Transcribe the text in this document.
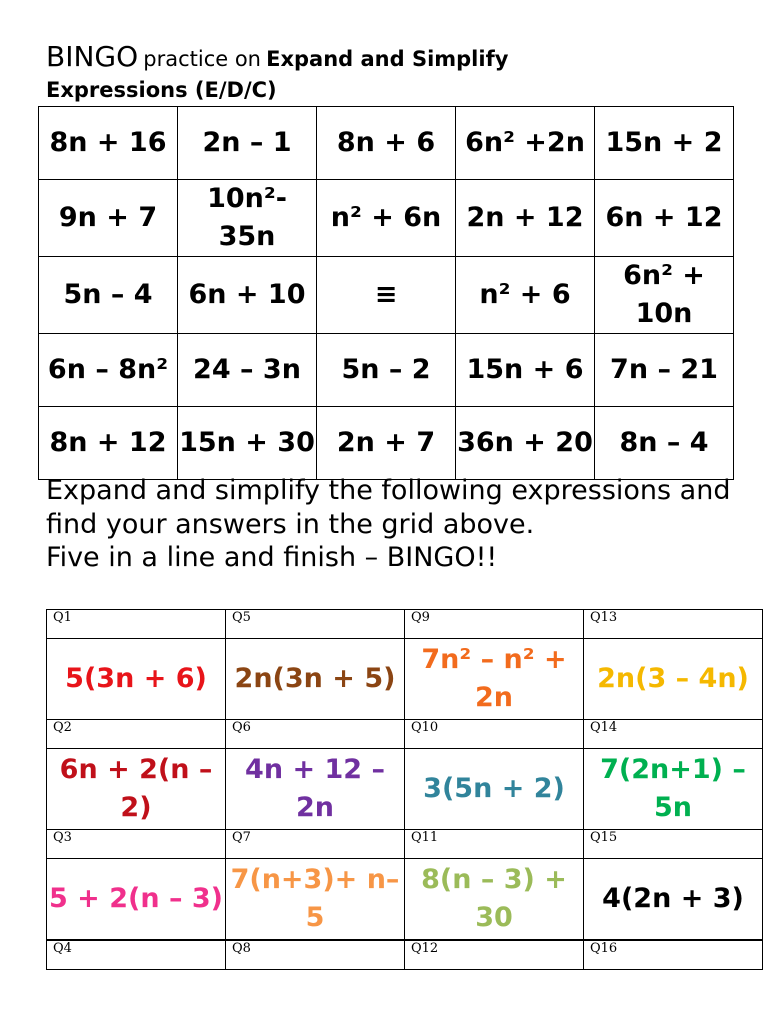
BINGO practice on Expand and Simplify
Expressions (E/D/C)
8n + 16	2n – 1	8n + 6	6n² +2n	15n + 2
9n + 7	10n²- 35n	n² + 6n	2n + 12	6n + 12
5n – 4	6n + 10	≡	n² + 6	6n² + 10n
6n – 8n²	24 – 3n	5n – 2	15n + 6	7n – 21
8n + 12	15n + 30	2n + 7	36n + 20	8n – 4
Expand and simplify the following expressions and find your answers in the grid above.
Five in a line and finish – BINGO!!
Q1	Q5	Q9	Q13

5(3n + 6)	2n(3n + 5)	7n² – n² + 2n	2n(3 – 4n)

Q2	Q6	Q10	Q14

6n + 2(n – 2)	4n + 12 – 2n	3(5n + 2)	7(2n+1) – 5n

Q3	Q7	Q11	Q15

5 + 2(n – 3)	7(n+3)+ n–5	8(n – 3) + 30	4(2n + 3)

Q4	Q8	Q12	Q16
